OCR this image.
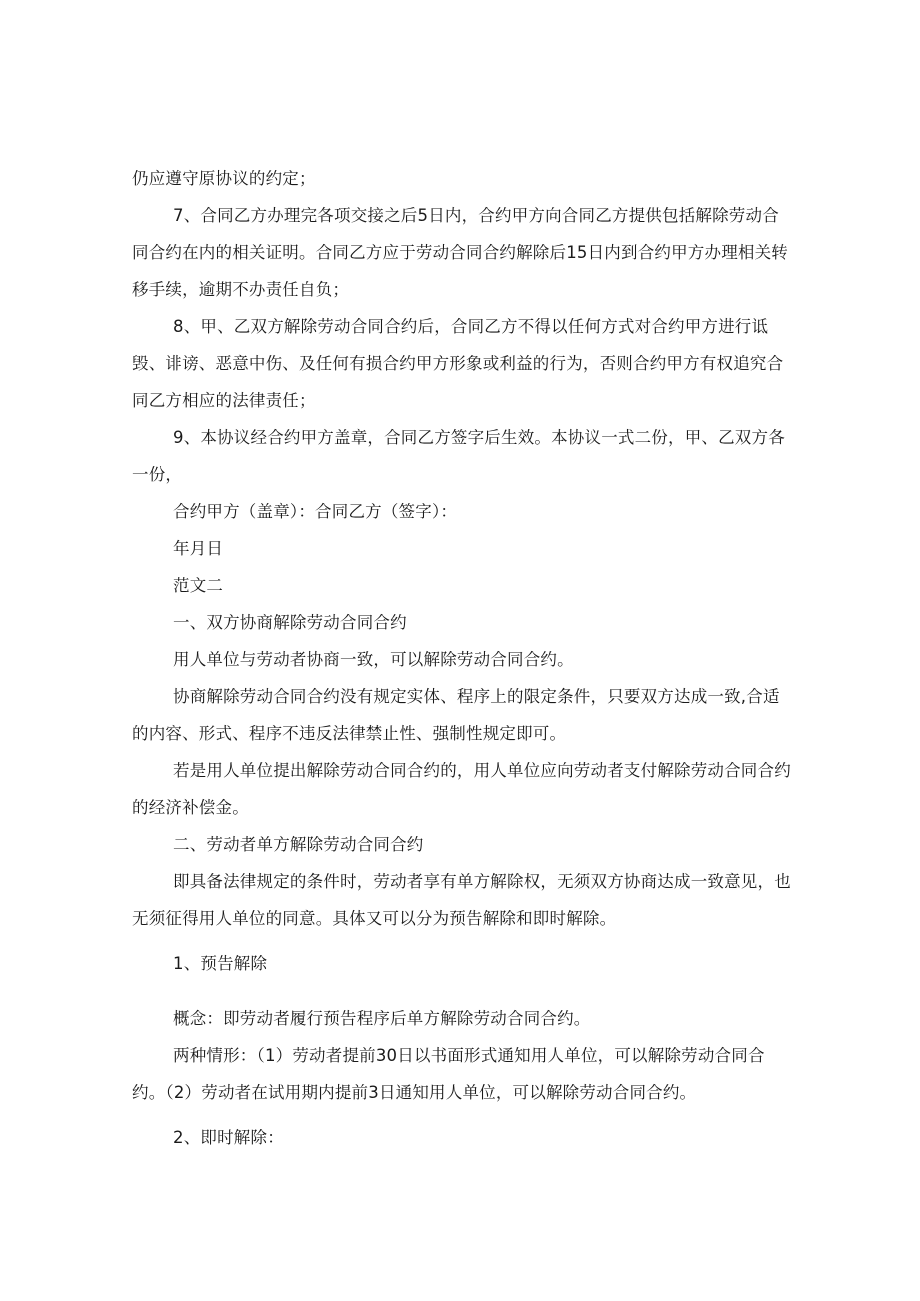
仍应遵守原协议的约定；

7、合同乙方办理完各项交接之后5日内，合约甲方向合同乙方提供包括解除劳动合同合约在内的相关证明。合同乙方应于劳动合同合约解除后15日内到合约甲方办理相关转移手续，逾期不办责任自负；

8、甲、乙双方解除劳动合同合约后，合同乙方不得以任何方式对合约甲方进行诋毁、诽谤、恶意中伤、及任何有损合约甲方形象或利益的行为，否则合约甲方有权追究合同乙方相应的法律责任；

9、本协议经合约甲方盖章，合同乙方签字后生效。本协议一式二份，甲、乙双方各一份，

合约甲方（盖章）：合同乙方（签字）：

年月日

范文二

一、双方协商解除劳动合同合约

用人单位与劳动者协商一致，可以解除劳动合同合约。

协商解除劳动合同合约没有规定实体、程序上的限定条件，只要双方达成一致,合适的内容、形式、程序不违反法律禁止性、强制性规定即可。

若是用人单位提出解除劳动合同合约的，用人单位应向劳动者支付解除劳动合同合约的经济补偿金。

二、劳动者单方解除劳动合同合约

即具备法律规定的条件时，劳动者享有单方解除权，无须双方协商达成一致意见，也无须征得用人单位的同意。具体又可以分为预告解除和即时解除。

1、预告解除

概念：即劳动者履行预告程序后单方解除劳动合同合约。

两种情形：（1）劳动者提前30日以书面形式通知用人单位，可以解除劳动合同合约。（2）劳动者在试用期内提前3日通知用人单位，可以解除劳动合同合约。

2、即时解除：
